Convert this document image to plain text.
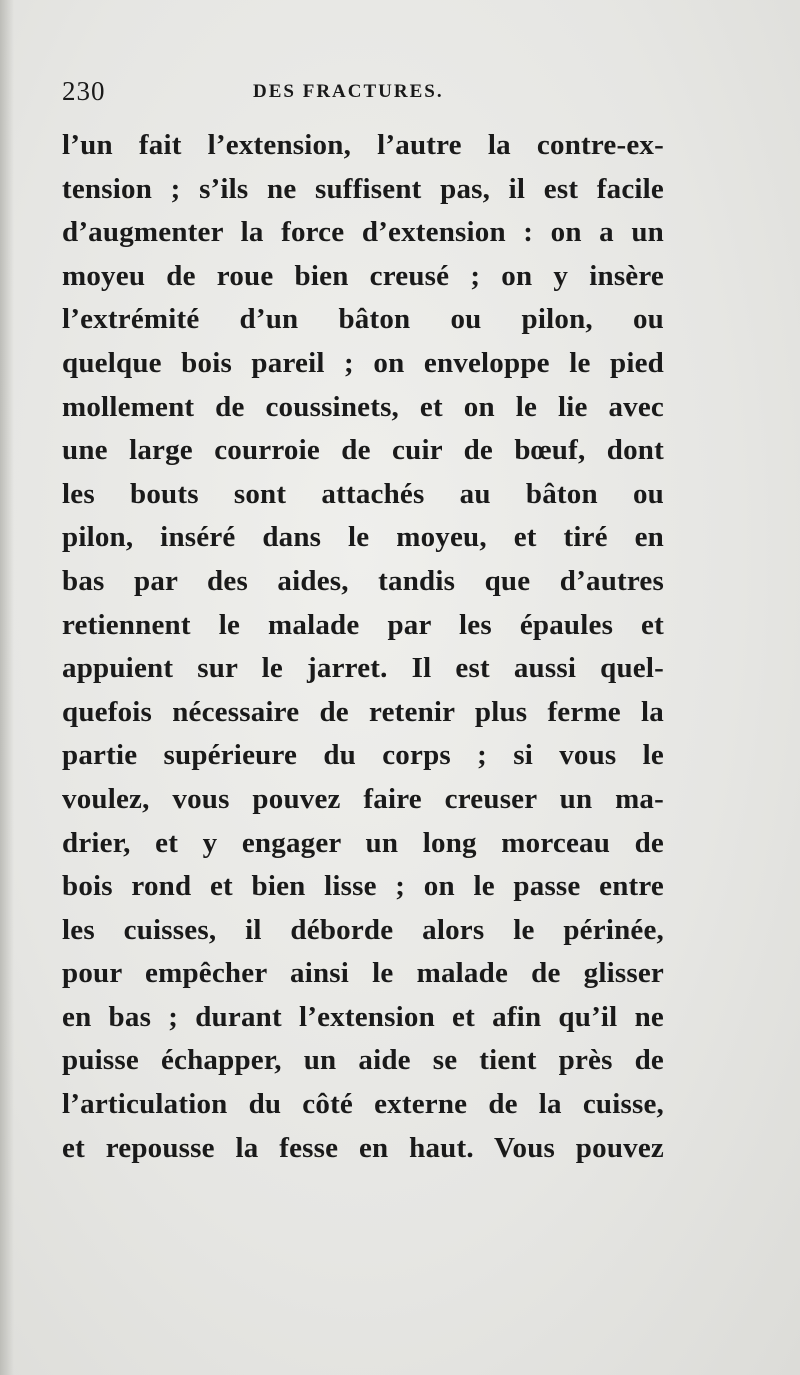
230	DES FRACTURES.
l’un fait l’extension, l’autre la contre-ex-
tension ; s’ils ne suffisent pas, il est facile
d’augmenter la force d’extension : on a un
moyeu de roue bien creusé ; on y insère
l’extrémité d’un bâton ou pilon, ou
quelque bois pareil ; on enveloppe le pied
mollement de coussinets, et on le lie avec
une large courroie de cuir de bœuf, dont
les bouts sont attachés au bâton ou
pilon, inséré dans le moyeu, et tiré en
bas par des aides, tandis que d’autres
retiennent le malade par les épaules et
appuient sur le jarret. Il est aussi quel-
quefois nécessaire de retenir plus ferme la
partie supérieure du corps ; si vous le
voulez, vous pouvez faire creuser un ma-
drier, et y engager un long morceau de
bois rond et bien lisse ; on le passe entre
les cuisses, il déborde alors le périnée,
pour empêcher ainsi le malade de glisser
en bas ; durant l’extension et afin qu’il ne
puisse échapper, un aide se tient près de
l’articulation du côté externe de la cuisse,
et repousse la fesse en haut. Vous pouvez
